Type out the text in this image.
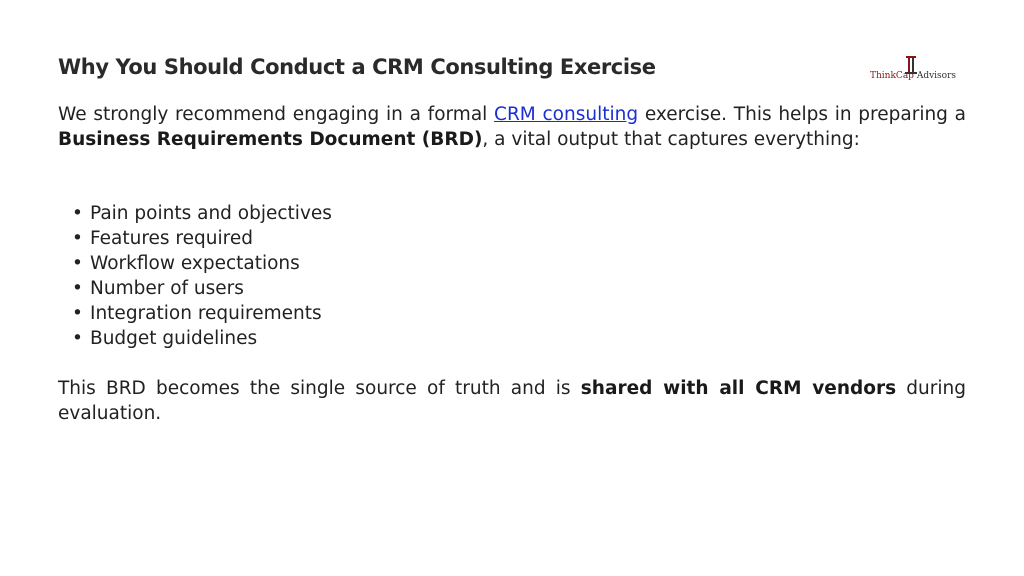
Why You Should Conduct a CRM Consulting Exercise	ThinkCap Advisors

We strongly recommend engaging in a formal CRM consulting exercise. This helps in preparing a Business Requirements Document (BRD), a vital output that captures everything:

• Pain points and objectives
• Features required
• Workflow expectations
• Number of users
• Integration requirements
• Budget guidelines

This BRD becomes the single source of truth and is shared with all CRM vendors during evaluation.
